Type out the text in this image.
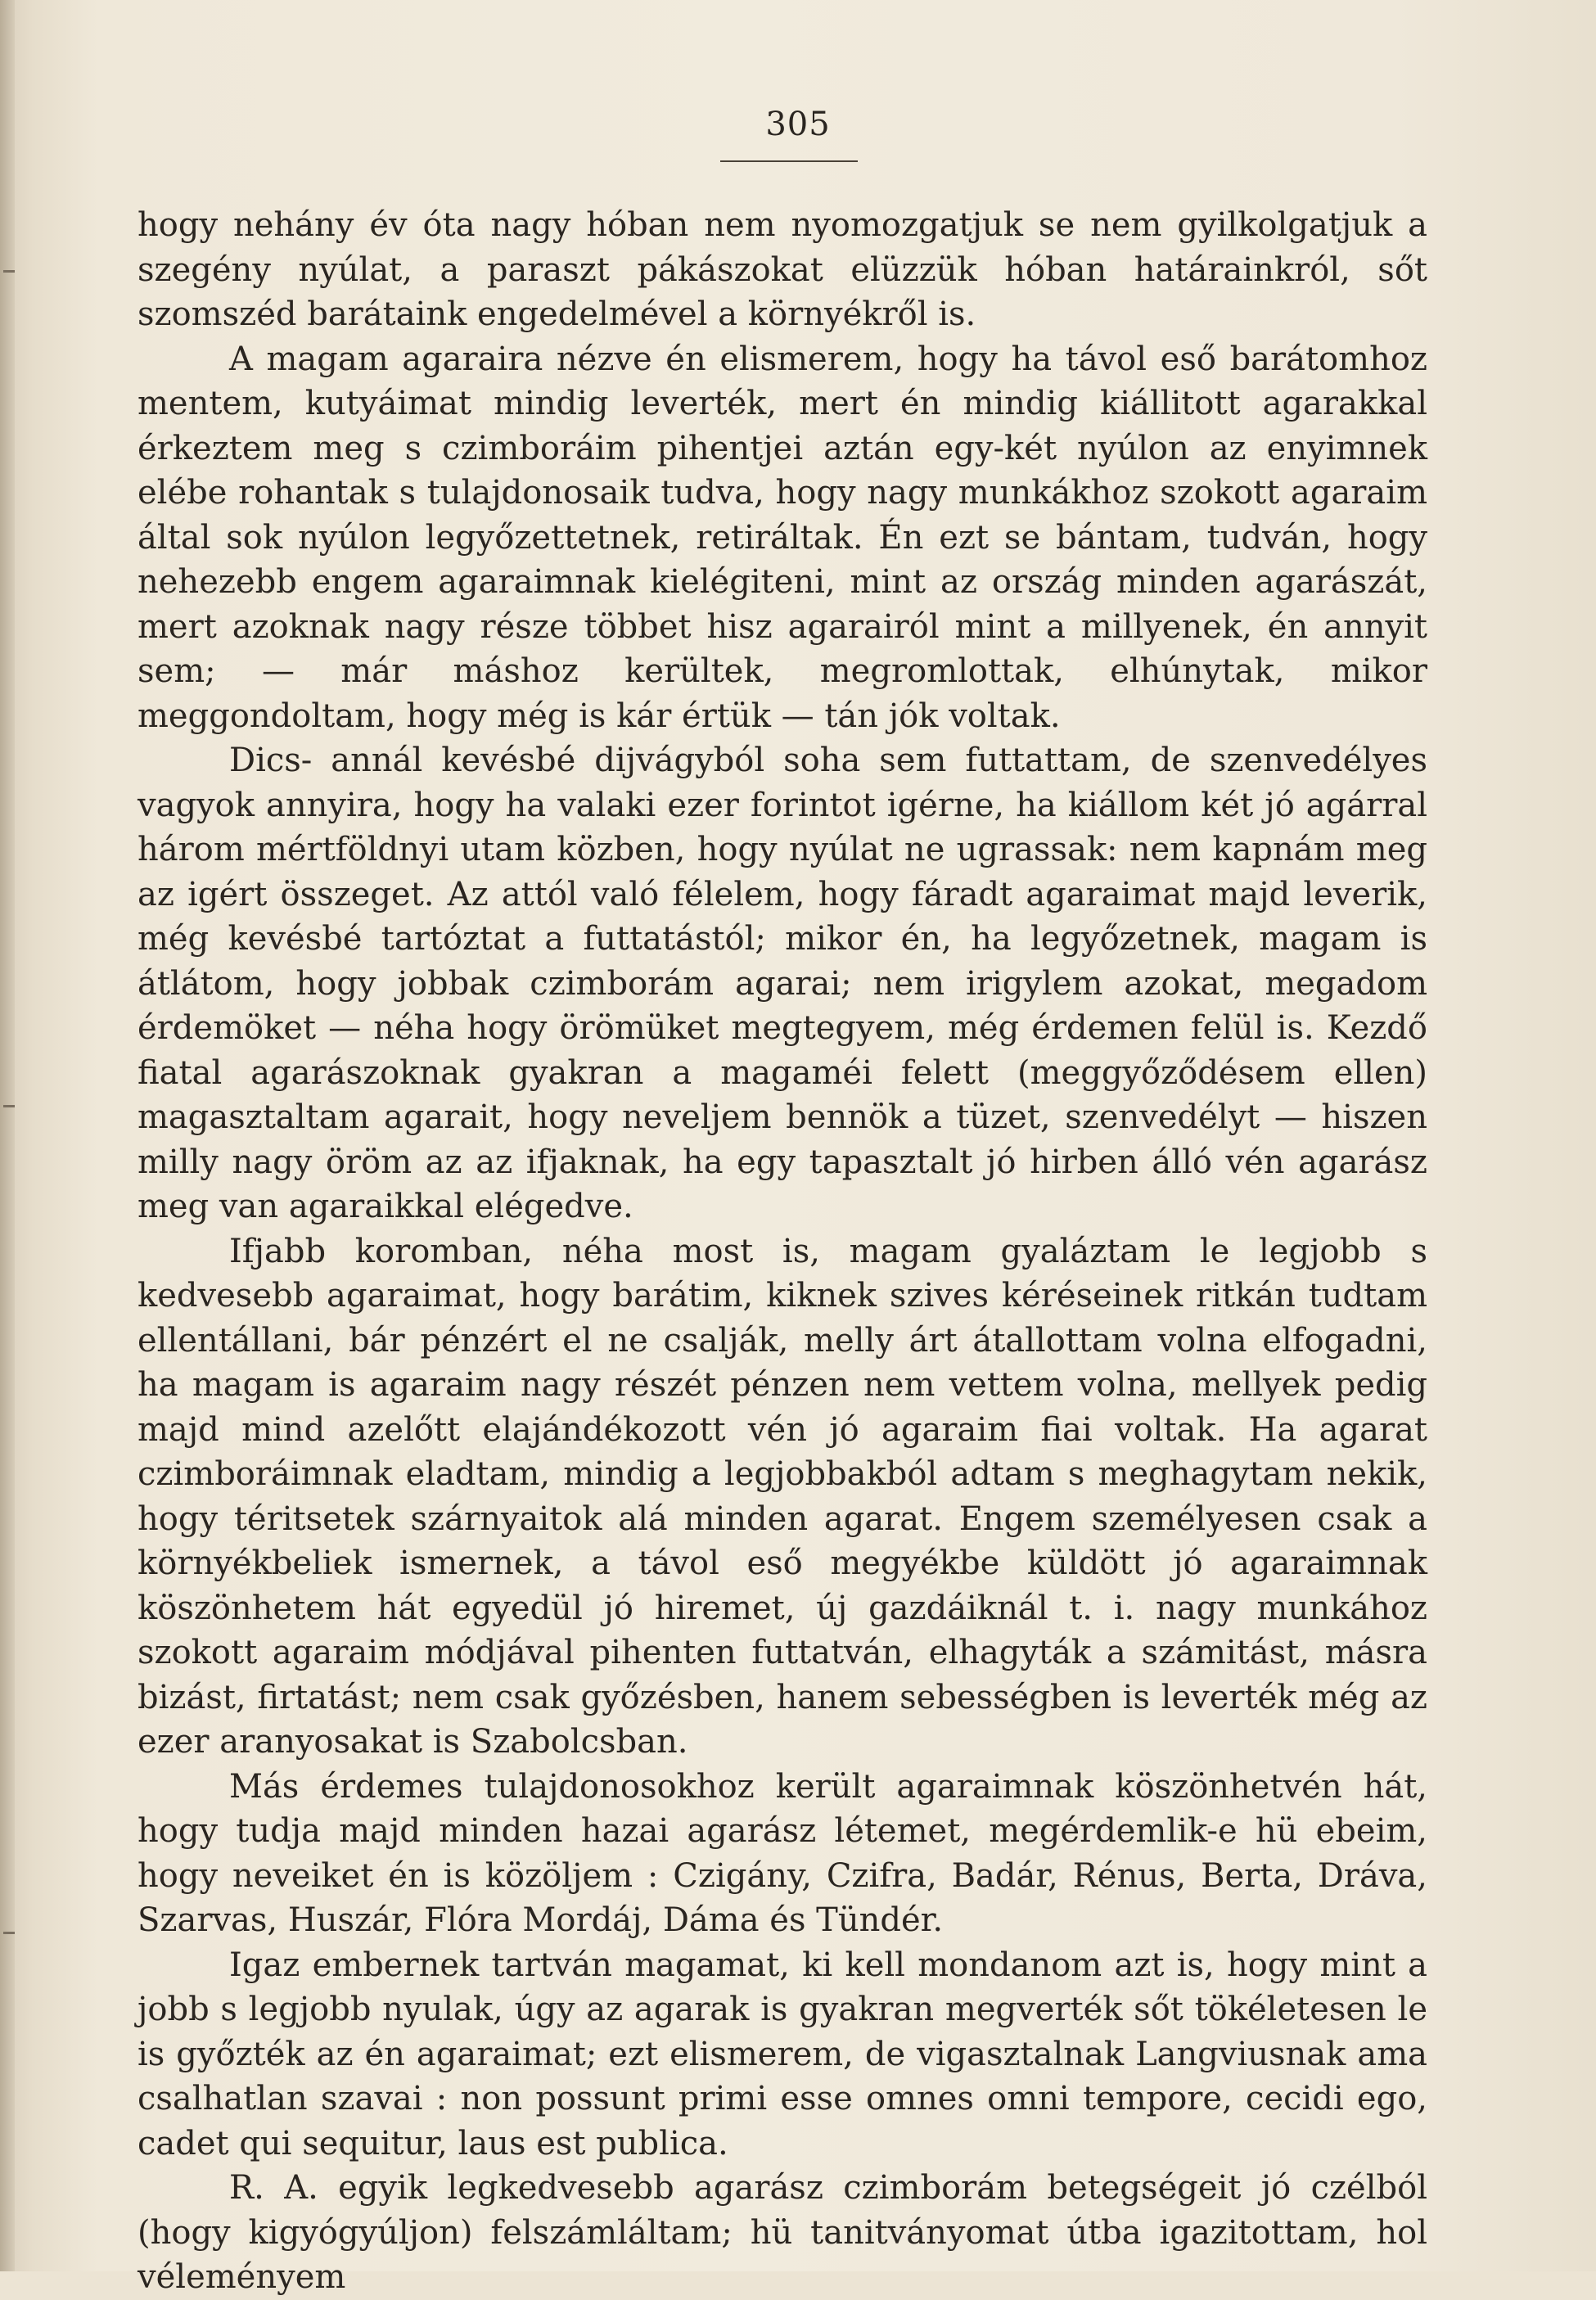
305

hogy nehány év óta nagy hóban nem nyomozgatjuk se nem gyilkolgatjuk a szegény nyúlat, a paraszt pákászokat elüzzük hóban határainkról, sőt szomszéd barátaink engedelmével a környékről is.

A magam agaraira nézve én elismerem, hogy ha távol eső barátomhoz mentem, kutyáimat mindig leverték, mert én mindig kiállitott agarakkal érkeztem meg s czimboráim pihentjei aztán egy-két nyúlon az enyimnek elébe rohantak s tulajdonosaik tudva, hogy nagy munkákhoz szokott agaraim által sok nyúlon legyőzettetnek, retiráltak. Én ezt se bántam, tudván, hogy nehezebb engem agaraimnak kielégiteni, mint az ország minden agarászát, mert azoknak nagy része többet hisz agarairól mint a millyenek, én annyit sem; — már máshoz kerültek, megromlottak, elhúnytak, mikor meggondoltam, hogy még is kár értük — tán jók voltak.

Dics- annál kevésbé dijvágyból soha sem futtattam, de szenvedélyes vagyok annyira, hogy ha valaki ezer forintot igérne, ha kiállom két jó agárral három mértföldnyi utam közben, hogy nyúlat ne ugrassak: nem kapnám meg az igért összeget. Az attól való félelem, hogy fáradt agaraimat majd leverik, még kevésbé tartóztat a futtatástól; mikor én, ha legyőzetnek, magam is átlátom, hogy jobbak czimborám agarai; nem irigylem azokat, megadom érdemöket — néha hogy örömüket megtegyem, még érdemen felül is. Kezdő fiatal agarászoknak gyakran a magaméi felett (meggyőződésem ellen) magasztaltam agarait, hogy neveljem bennök a tüzet, szenvedélyt — hiszen milly nagy öröm az az ifjaknak, ha egy tapasztalt jó hirben álló vén agarász meg van agaraikkal elégedve.

Ifjabb koromban, néha most is, magam gyaláztam le legjobb s kedvesebb agaraimat, hogy barátim, kiknek szives kéréseinek ritkán tudtam ellentállani, bár pénzért el ne csalják, melly árt átallottam volna elfogadni, ha magam is agaraim nagy részét pénzen nem vettem volna, mellyek pedig majd mind azelőtt elajándékozott vén jó agaraim fiai voltak. Ha agarat czimboráimnak eladtam, mindig a legjobbakból adtam s meghagytam nekik, hogy téritsetek szárnyaitok alá minden agarat. Engem személyesen csak a környékbeliek ismernek, a távol eső megyékbe küldött jó agaraimnak köszönhetem hát egyedül jó hiremet, új gazdáiknál t. i. nagy munkához szokott agaraim módjával pihenten futtatván, elhagyták a számitást, másra bizást, firtatást; nem csak győzésben, hanem sebességben is leverték még az ezer aranyosakat is Szabolcsban.

Más érdemes tulajdonosokhoz került agaraimnak köszönhetvén hát, hogy tudja majd minden hazai agarász létemet, megérdemlik-e hü ebeim, hogy neveiket én is közöljem : Czigány, Czifra, Badár, Rénus, Berta, Dráva, Szarvas, Huszár, Flóra Mordáj, Dáma és Tündér.

Igaz embernek tartván magamat, ki kell mondanom azt is, hogy mint a jobb s legjobb nyulak, úgy az agarak is gyakran megverték sőt tökéletesen le is győzték az én agaraimat; ezt elismerem, de vigasztalnak Langviusnak ama csalhatlan szavai : non possunt primi esse omnes omni tempore, cecidi ego, cadet qui sequitur, laus est publica.

R. A. egyik legkedvesebb agarász czimborám betegségeit jó czélból (hogy kigyógyúljon) felszámláltam; hü tanitványomat útba igazitottam, hol véleményem
